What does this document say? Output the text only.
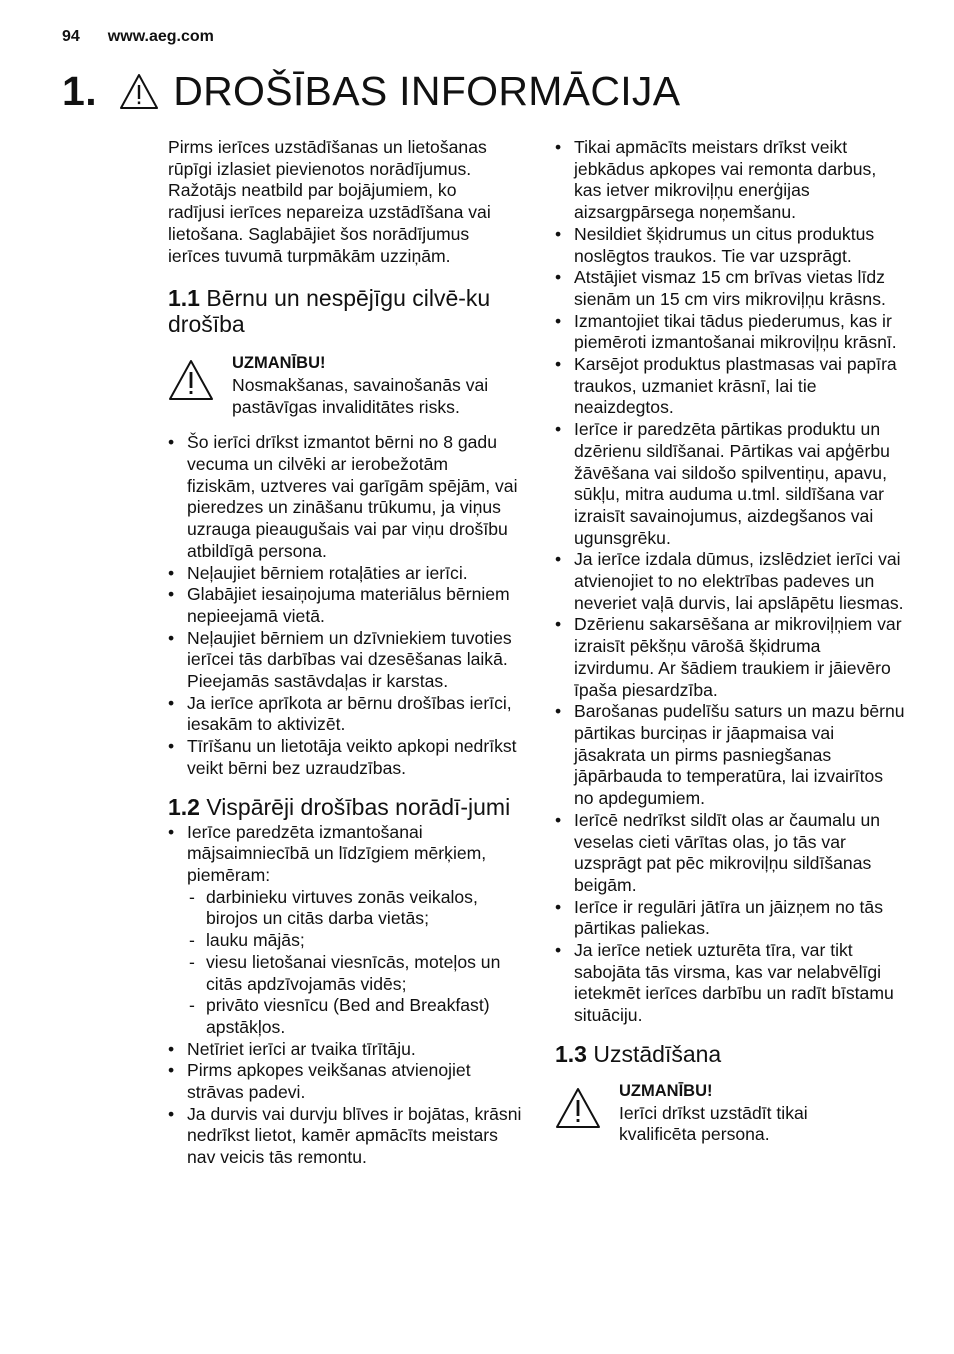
94 www.aeg.com
1. DROŠĪBAS INFORMĀCIJA

Pirms ierīces uzstādīšanas un lietošanas rūpīgi izlasiet pievienotos norādījumus. Ražotājs neatbild par bojājumiem, ko radījusi ierīces nepareiza uzstādīšana vai lietošana. Saglabājiet šos norādījumus ierīces tuvumā turpmākām uzziņām.

1.1 Bērnu un nespējīgu cilvē-ku drošība
UZMANĪBU!
Nosmakšanas, savainošanās vai pastāvīgas invaliditātes risks.
• Šo ierīci drīkst izmantot bērni no 8 gadu vecuma un cilvēki ar ierobežotām fiziskām, uztveres vai garīgām spējām, vai pieredzes un zināšanu trūkumu, ja viņus uzrauga pieaugušais vai par viņu drošību atbildīgā persona.
• Neļaujiet bērniem rotaļāties ar ierīci.
• Glabājiet iesaiņojuma materiālus bērniem nepieejamā vietā.
• Neļaujiet bērniem un dzīvniekiem tuvoties ierīcei tās darbības vai dzesēšanas laikā. Pieejamās sastāvdaļas ir karstas.
• Ja ierīce aprīkota ar bērnu drošības ierīci, iesakām to aktivizēt.
• Tīrīšanu un lietotāja veikto apkopi nedrīkst veikt bērni bez uzraudzības.
1.2 Vispārēji drošības norādī-jumi
• Ierīce paredzēta izmantošanai mājsaimniecībā un līdzīgiem mērķiem, piemēram:
- darbinieku virtuves zonās veikalos, birojos un citās darba vietās;
- lauku mājās;
- viesu lietošanai viesnīcās, moteļos un citās apdzīvojamās vidēs;
- privāto viesnīcu (Bed and Breakfast) apstākļos.
• Netīriet ierīci ar tvaika tīrītāju.
• Pirms apkopes veikšanas atvienojiet strāvas padevi.
• Ja durvis vai durvju blīves ir bojātas, krāsni nedrīkst lietot, kamēr apmācīts meistars nav veicis tās remontu.
• Tikai apmācīts meistars drīkst veikt jebkādus apkopes vai remonta darbus, kas ietver mikroviļņu enerģijas aizsargpārsega noņemšanu.
• Nesildiet šķidrumus un citus produktus noslēgtos traukos. Tie var uzsprāgt.
• Atstājiet vismaz 15 cm brīvas vietas līdz sienām un 15 cm virs mikroviļņu krāsns.
• Izmantojiet tikai tādus piederumus, kas ir piemēroti izmantošanai mikroviļņu krāsnī.
• Karsējot produktus plastmasas vai papīra traukos, uzmaniet krāsnī, lai tie neaizdegtos.
• Ierīce ir paredzēta pārtikas produktu un dzērienu sildīšanai. Pārtikas vai apģērbu žāvēšana vai sildošo spilventiņu, apavu, sūkļu, mitra auduma u.tml. sildīšana var izraisīt savainojumus, aizdegšanos vai ugunsgrēku.
• Ja ierīce izdala dūmus, izslēdziet ierīci vai atvienojiet to no elektrības padeves un neveriet vaļā durvis, lai apslāpētu liesmas.
• Dzērienu sakarsēšana ar mikroviļņiem var izraisīt pēkšņu vārošā šķidruma izvirdumu. Ar šādiem traukiem ir jāievēro īpaša piesardzība.
• Barošanas pudelīšu saturs un mazu bērnu pārtikas burciņas ir jāapmaisa vai jāsakrata un pirms pasniegšanas jāpārbauda to temperatūra, lai izvairītos no apdegumiem.
• Ierīcē nedrīkst sildīt olas ar čaumalu un veselas cieti vārītas olas, jo tās var uzsprāgt pat pēc mikroviļņu sildīšanas beigām.
• Ierīce ir regulāri jātīra un jāizņem no tās pārtikas paliekas.
• Ja ierīce netiek uzturēta tīra, var tikt sabojāta tās virsma, kas var nelabvēlīgi ietekmēt ierīces darbību un radīt bīstamu situāciju.
1.3 Uzstādīšana
UZMANĪBU!
Ierīci drīkst uzstādīt tikai kvalificēta persona.
